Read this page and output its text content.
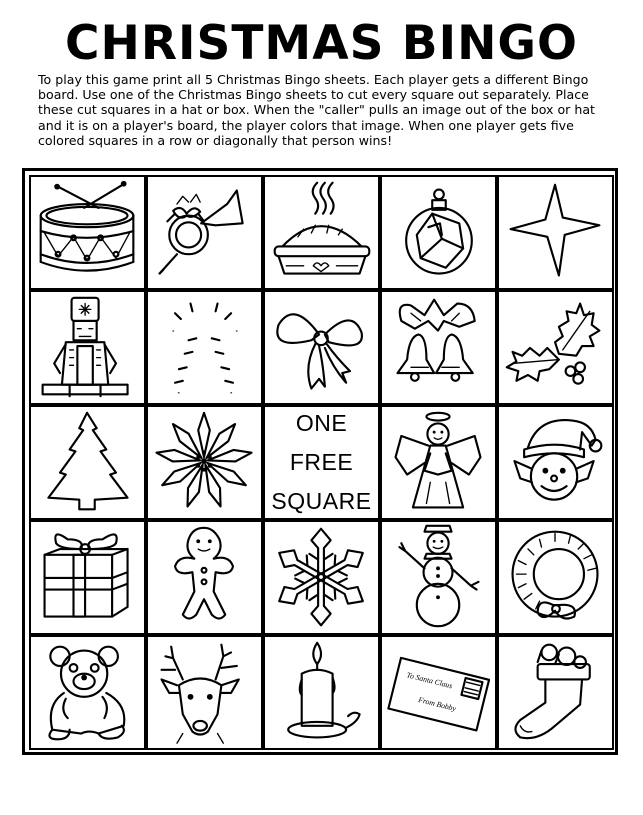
CHRISTMAS BINGO
To play this game print all 5 Christmas Bingo sheets. Each player gets a different Bingo board. Use one of the Christmas Bingo sheets to cut every square out separately. Place these cut squares in a hat or box. When the "caller" pulls an image out of the box or hat and it is on a player's board, the player colors that image. When one player gets five colored squares in a row or diagonally that person wins!
ONE
FREE
SQUARE
To Santa Claus
From Bobby
